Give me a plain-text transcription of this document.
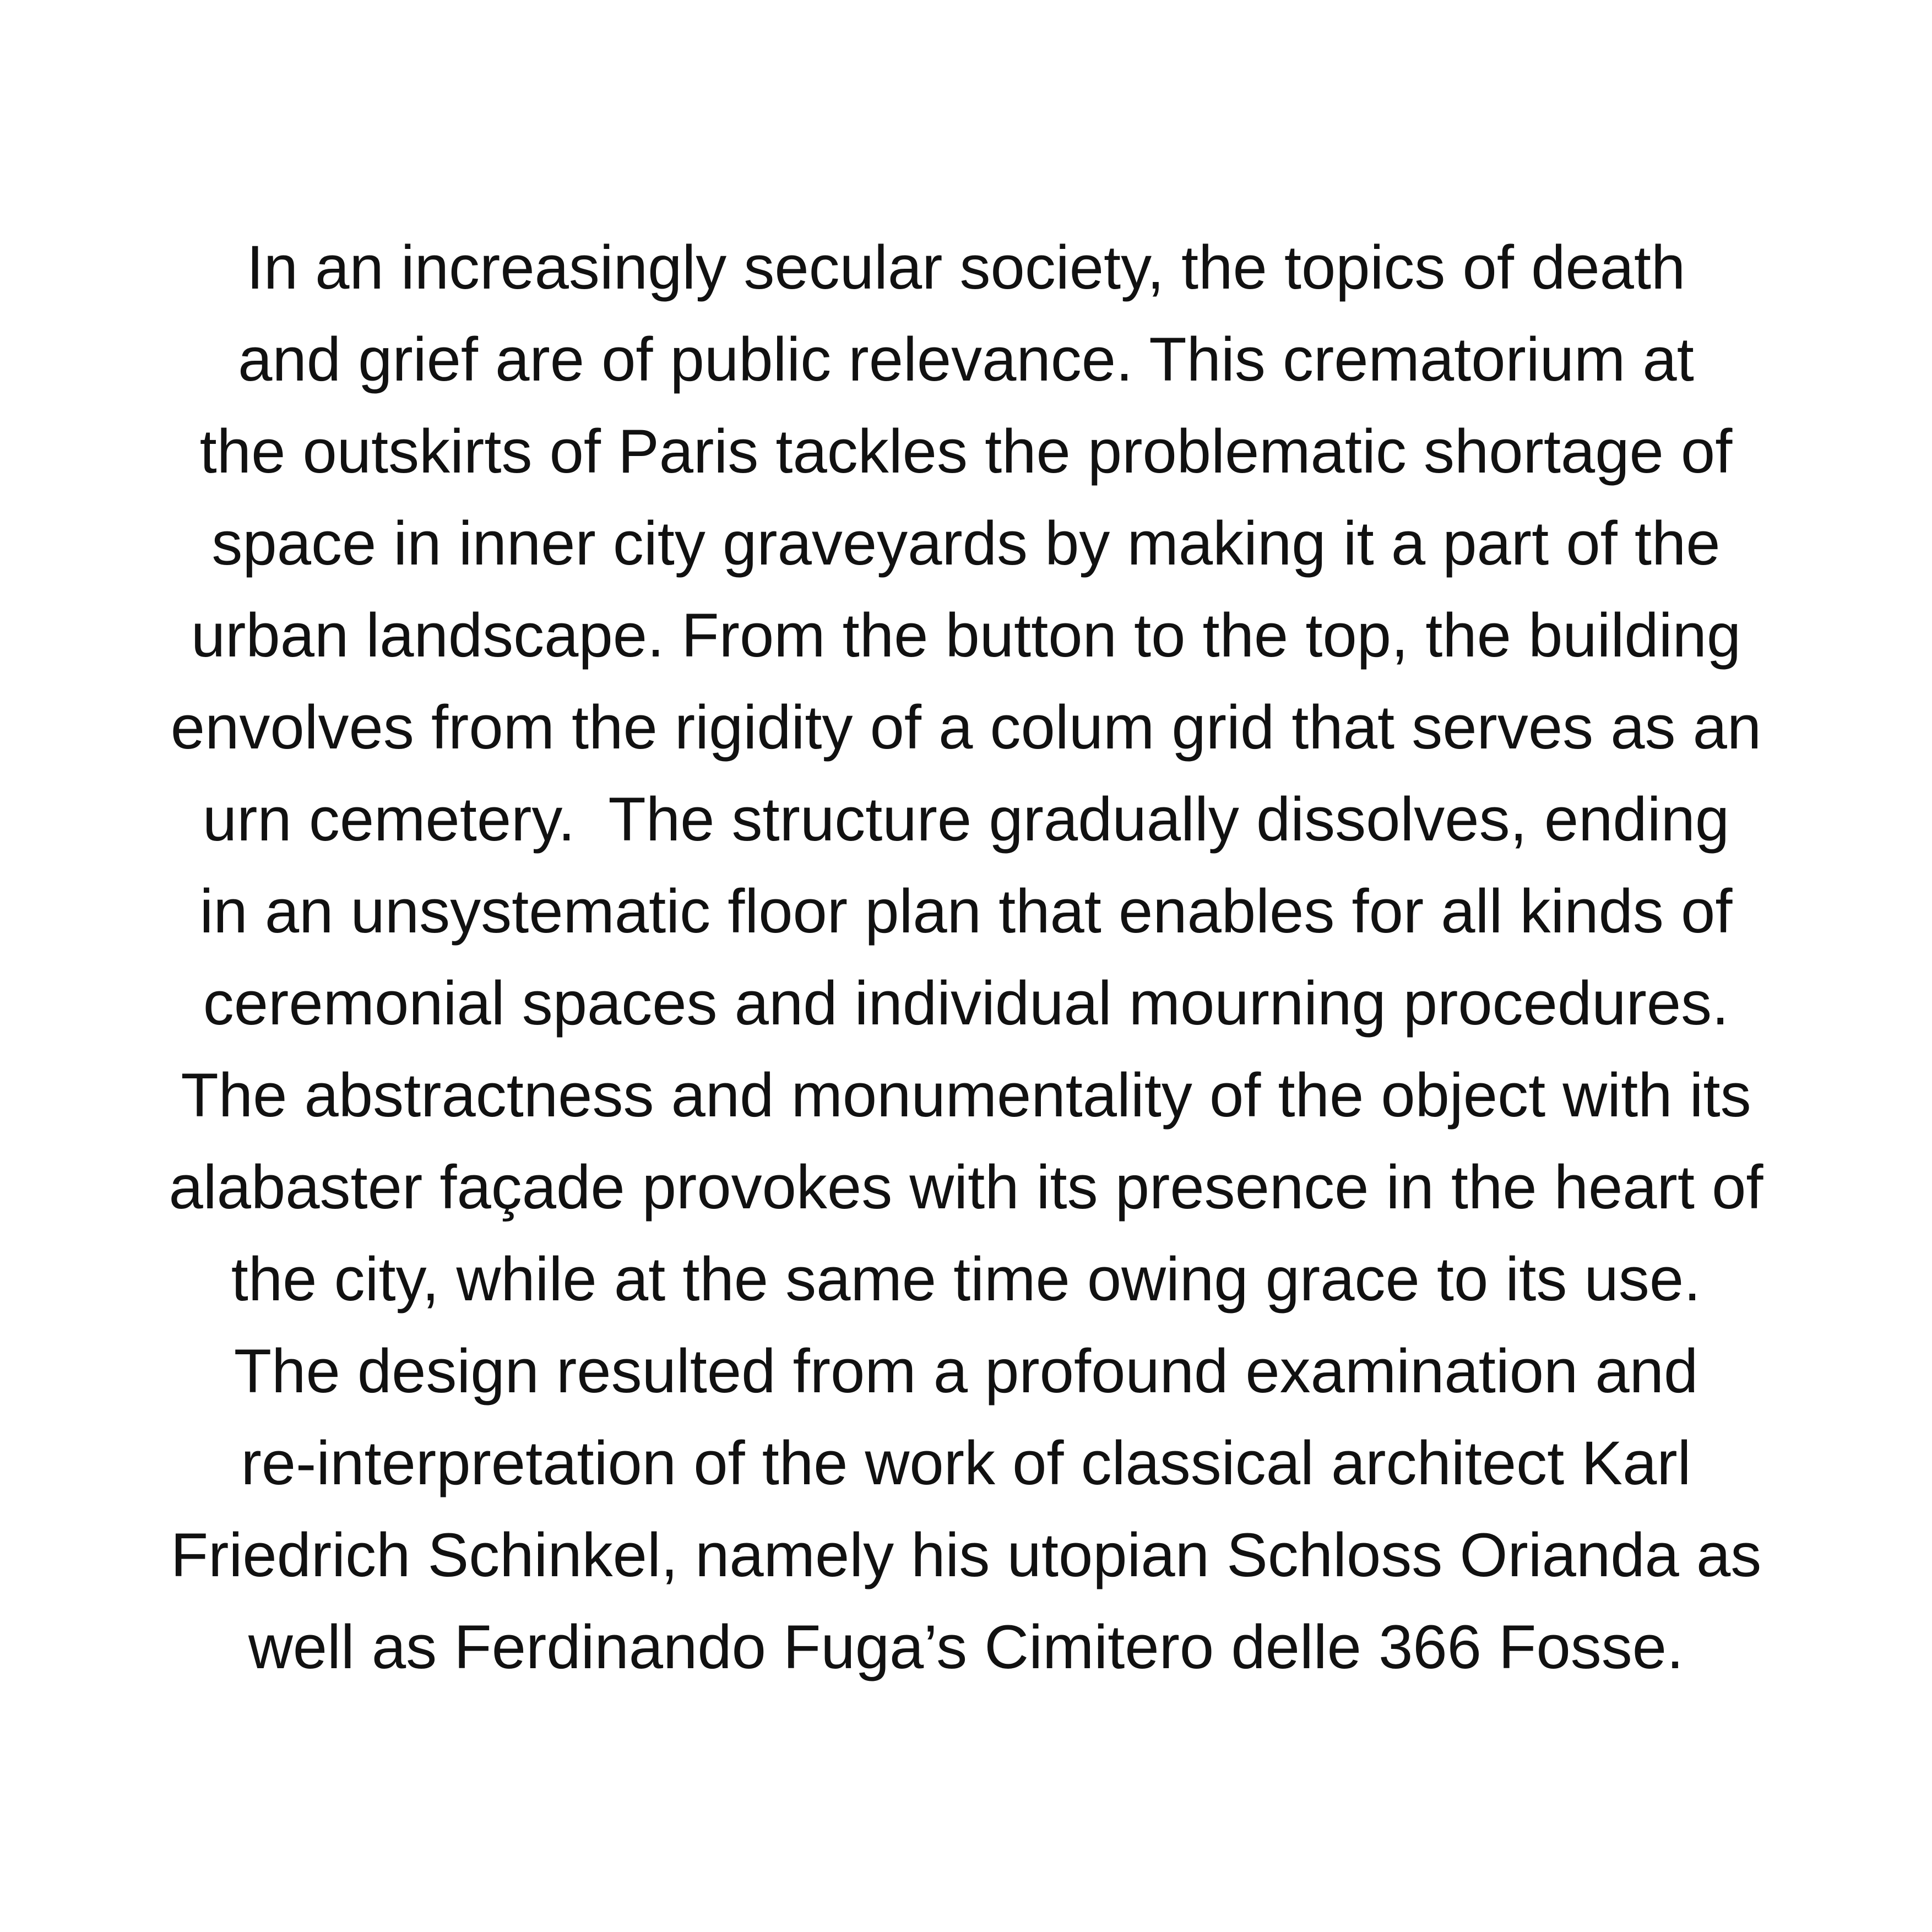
In an increasingly secular society, the topics of death
and grief are of public relevance. This crematorium at
the outskirts of Paris tackles the problematic shortage of
space in inner city graveyards by making it a part of the
urban landscape. From the button to the top, the building
envolves from the rigidity of a colum grid that serves as an
urn cemetery.  The structure gradually dissolves, ending
in an unsystematic floor plan that enables for all kinds of
ceremonial spaces and individual mourning procedures.
The abstractness and monumentality of the object with its
alabaster façade provokes with its presence in the heart of
the city, while at the same time owing grace to its use.
The design resulted from a profound examination and
re-interpretation of the work of classical architect Karl
Friedrich Schinkel, namely his utopian Schloss Orianda as
well as Ferdinando Fuga’s Cimitero delle 366 Fosse.
